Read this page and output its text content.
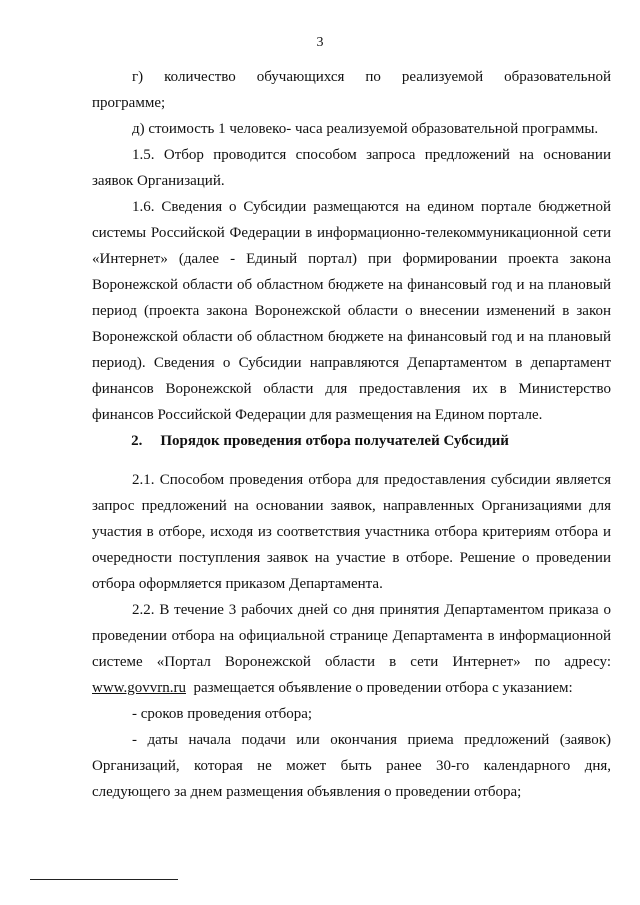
3
г) количество обучающихся по реализуемой образовательной
программе;
д) стоимость 1 человеко- часа реализуемой образовательной программы.
1.5. Отбор проводится способом запроса предложений на основании
заявок Организаций.
1.6. Сведения о Субсидии размещаются на едином портале бюджетной
системы Российской Федерации в информационно-телекоммуникационной сети
«Интернет» (далее - Единый портал) при формировании проекта закона
Воронежской области об областном бюджете на финансовый год и на плановый
период (проекта закона Воронежской области о внесении изменений в закон
Воронежской области об областном бюджете на финансовый год и на плановый
период). Сведения о Субсидии направляются Департаментом в департамент
финансов Воронежской области для предоставления их в Министерство
финансов Российской Федерации для размещения на Едином портале.
2. Порядок проведения отбора получателей Субсидий
2.1. Способом проведения отбора для предоставления субсидии является
запрос предложений на основании заявок, направленных Организациями для
участия в отборе, исходя из соответствия участника отбора критериям отбора и
очередности поступления заявок на участие в отборе. Решение о проведении
отбора оформляется приказом Департамента.
2.2. В течение 3 рабочих дней со дня принятия Департаментом приказа о
проведении отбора на официальной странице Департамента в информационной
системе «Портал Воронежской области в сети Интернет» по адресу:
www.govvrn.ru размещается объявление о проведении отбора с указанием:
- сроков проведения отбора;
- даты начала подачи или окончания приема предложений (заявок)
Организаций, которая не может быть ранее 30-го календарного дня,
следующего за днем размещения объявления о проведении отбора;
